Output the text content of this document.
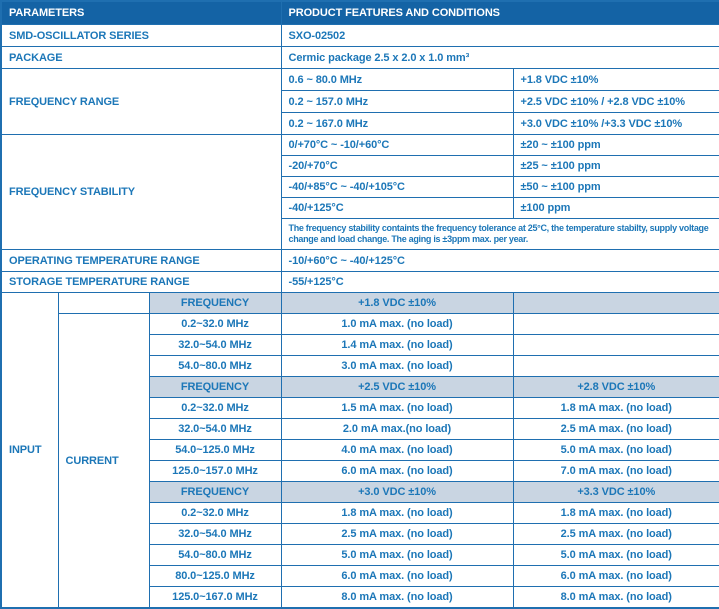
PARAMETERS			PRODUCT FEATURES AND CONDITIONS	
SMD-OSCILLATOR SERIES			SXO-02502	
PACKAGE			Cermic package 2.5 x 2.0 x 1.0 mm³	
FREQUENCY RANGE			0.6 ~ 80.0 MHz	+1.8 VDC ±10%
			0.2 ~ 157.0 MHz	+2.5 VDC ±10% / +2.8 VDC ±10%
			0.2 ~ 167.0 MHz	+3.0 VDC ±10% /+3.3 VDC ±10%
FREQUENCY STABILITY			0/+70°C ~ -10/+60°C	±20 ~ ±100 ppm
			-20/+70°C	±25 ~ ±100 ppm
			-40/+85°C ~ -40/+105°C	±50 ~ ±100 ppm
			-40/+125°C	±100 ppm
			The frequency stability containts the frequency tolerance at 25°C, the temperature stabilty, supply voltage change and load change. The aging is ±3ppm max. per year.	
OPERATING TEMPERATURE RANGE			-10/+60°C ~ -40/+125°C	
STORAGE TEMPERATURE RANGE			-55/+125°C	
INPUT		FREQUENCY	+1.8 VDC ±10%	
	CURRENT	0.2~32.0 MHz	1.0 mA max. (no load)	
		32.0~54.0 MHz	1.4 mA max. (no load)	
		54.0~80.0 MHz	3.0 mA max. (no load)	
		FREQUENCY	+2.5 VDC ±10%	+2.8 VDC ±10%
		0.2~32.0 MHz	1.5 mA max. (no load)	1.8 mA max. (no load)
		32.0~54.0 MHz	2.0 mA max.(no load)	2.5 mA max. (no load)
		54.0~125.0 MHz	4.0 mA max. (no load)	5.0 mA max. (no load)
		125.0~157.0 MHz	6.0 mA max. (no load)	7.0 mA max. (no load)
		FREQUENCY	+3.0 VDC ±10%	+3.3 VDC ±10%
		0.2~32.0 MHz	1.8 mA max. (no load)	1.8 mA max. (no load)
		32.0~54.0 MHz	2.5 mA max. (no load)	2.5 mA max. (no load)
		54.0~80.0 MHz	5.0 mA max. (no load)	5.0 mA max. (no load)
		80.0~125.0 MHz	6.0 mA max. (no load)	6.0 mA max. (no load)
		125.0~167.0 MHz	8.0 mA max. (no load)	8.0 mA max. (no load)
